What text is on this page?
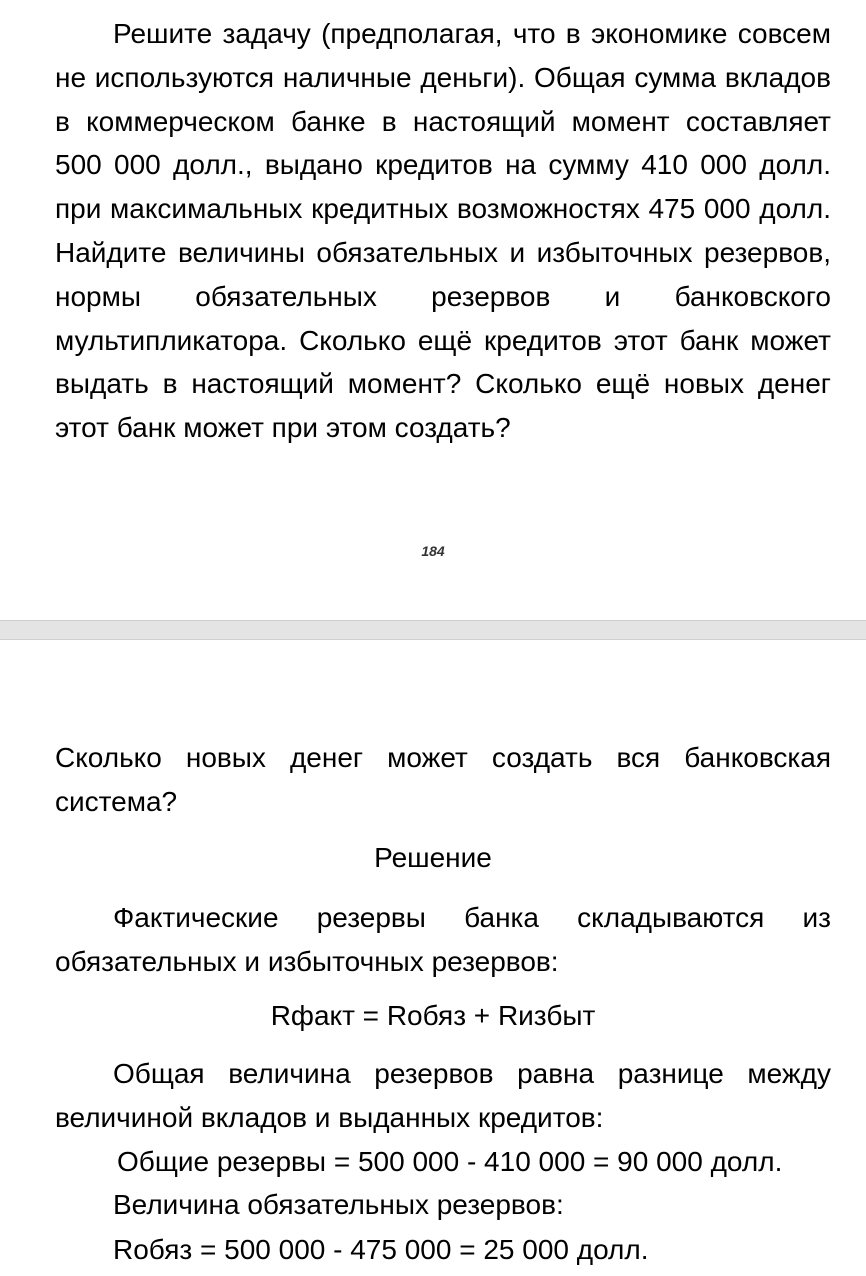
Решите задачу (предполагая, что в экономике совсем не используются наличные деньги). Общая сумма вкладов в коммерческом банке в настоящий момент составляет 500 000 долл., выдано кредитов на сумму 410 000 долл. при максимальных кредитных возможностях 475 000 долл. Найдите величины обязательных и избыточных резервов, нормы обязательных резервов и банковского мультипликатора. Сколько ещё кредитов этот банк может выдать в настоящий момент? Сколько ещё новых денег этот банк может при этом создать?

184

Сколько новых денег может создать вся банковская система?

Решение

Фактические резервы банка складываются из обязательных и избыточных резервов:

Rфакт = Rобяз + Rизбыт

Общая величина резервов равна разнице между величиной вкладов и выданных кредитов:

Общие резервы = 500 000 - 410 000 = 90 000 долл.
Величина обязательных резервов:
Rобяз = 500 000 - 475 000 = 25 000 долл.
